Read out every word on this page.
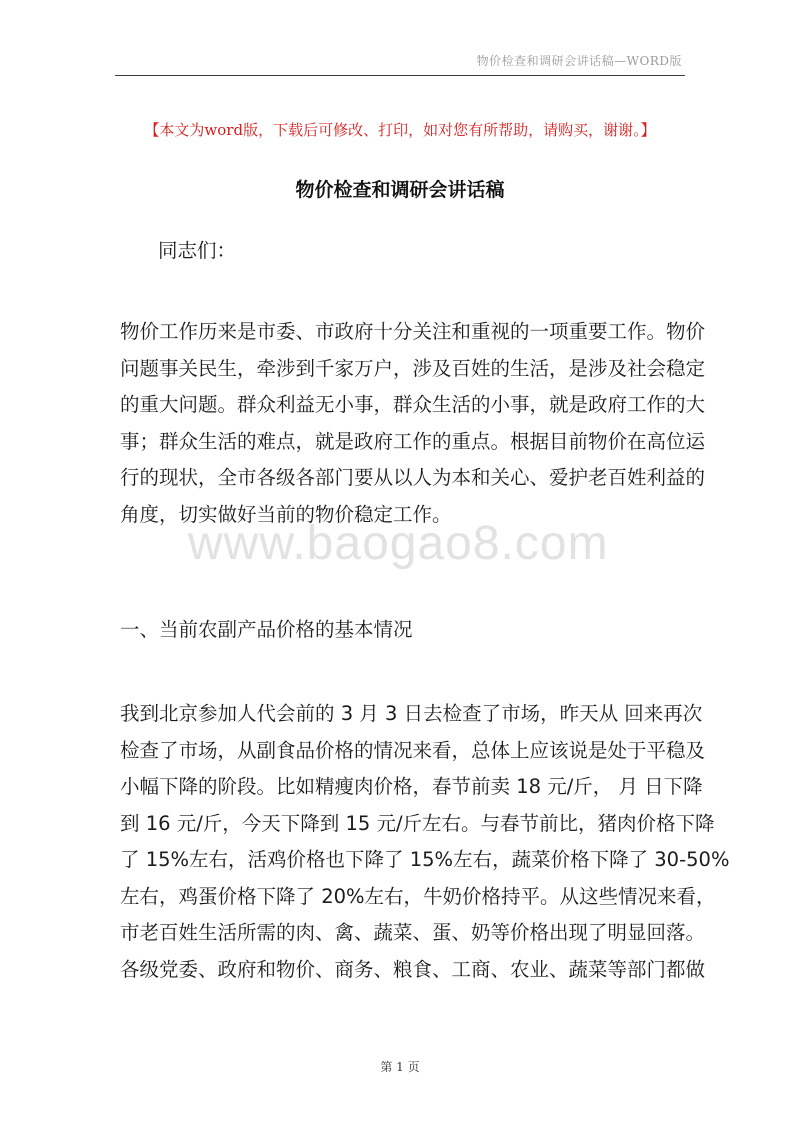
物价检查和调研会讲话稿—WORD版
【本文为word版，下载后可修改、打印，如对您有所帮助，请购买，谢谢。】
物价检查和调研会讲话稿
同志们：
www.baogao8.com
物价工作历来是市委、市政府十分关注和重视的一项重要工作。物价
问题事关民生，牵涉到千家万户，涉及百姓的生活，是涉及社会稳定
的重大问题。群众利益无小事，群众生活的小事，就是政府工作的大
事；群众生活的难点，就是政府工作的重点。根据目前物价在高位运
行的现状，全市各级各部门要从以人为本和关心、爱护老百姓利益的
角度，切实做好当前的物价稳定工作。
一、当前农副产品价格的基本情况
我到北京参加人代会前的 3 月 3 日去检查了市场，昨天从 回来再次
检查了市场，从副食品价格的情况来看，总体上应该说是处于平稳及
小幅下降的阶段。比如精瘦肉价格，春节前卖 18 元/斤， 月 日下降
到 16 元/斤，今天下降到 15 元/斤左右。与春节前比，猪肉价格下降
了 15%左右，活鸡价格也下降了 15%左右，蔬菜价格下降了 30-50%
左右，鸡蛋价格下降了 20%左右，牛奶价格持平。从这些情况来看，
市老百姓生活所需的肉、禽、蔬菜、蛋、奶等价格出现了明显回落。
各级党委、政府和物价、商务、粮食、工商、农业、蔬菜等部门都做
第 1 页
